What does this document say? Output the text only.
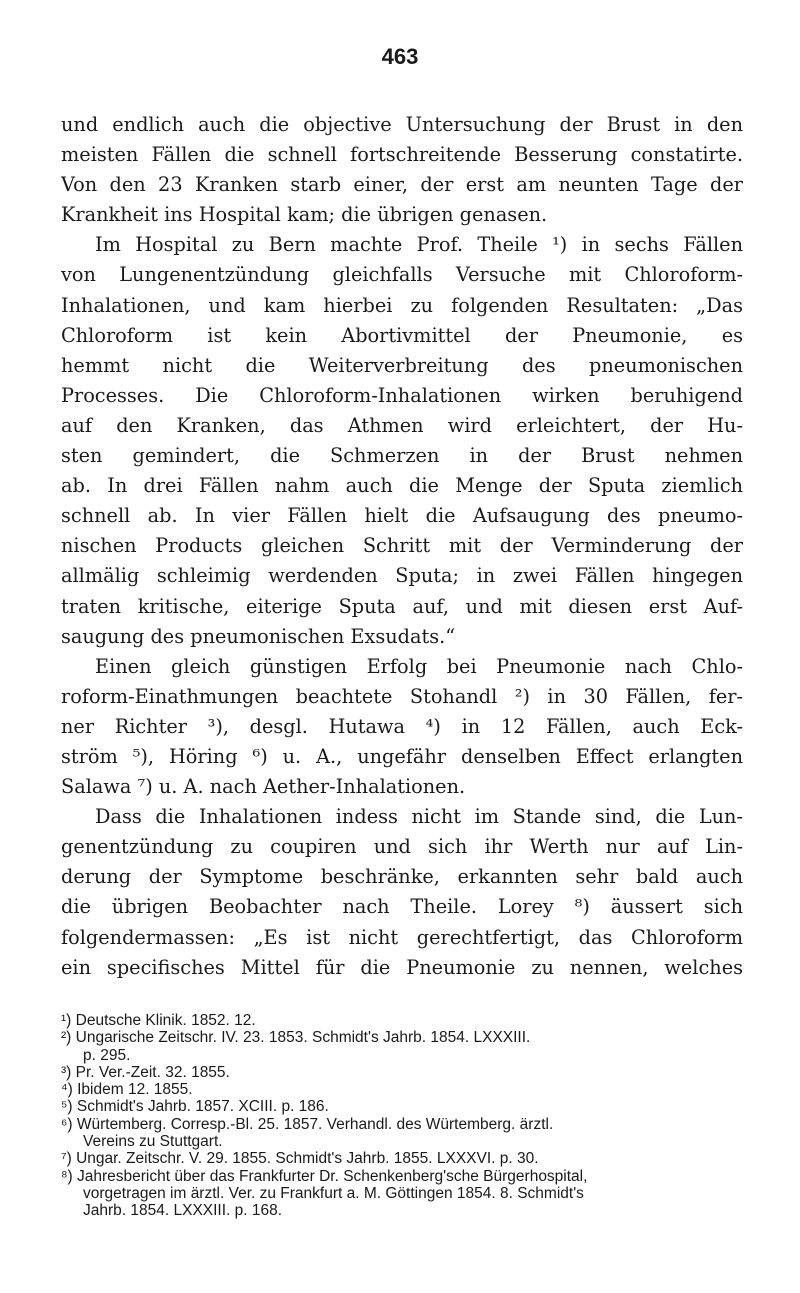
463
und endlich auch die objective Untersuchung der Brust in den
meisten Fällen die schnell fortschreitende Besserung constatirte.
Von den 23 Kranken starb einer, der erst am neunten Tage der
Krankheit ins Hospital kam; die übrigen genasen.
Im Hospital zu Bern machte Prof. Theile ¹) in sechs Fällen
von Lungenentzündung gleichfalls Versuche mit Chloroform-
Inhalationen, und kam hierbei zu folgenden Resultaten: „Das
Chloroform ist kein Abortivmittel der Pneumonie, es
hemmt nicht die Weiterverbreitung des pneumonischen
Processes. Die Chloroform-Inhalationen wirken beruhigend
auf den Kranken, das Athmen wird erleichtert, der Hu-
sten gemindert, die Schmerzen in der Brust nehmen
ab. In drei Fällen nahm auch die Menge der Sputa ziemlich
schnell ab. In vier Fällen hielt die Aufsaugung des pneumo-
nischen Products gleichen Schritt mit der Verminderung der
allmälig schleimig werdenden Sputa; in zwei Fällen hingegen
traten kritische, eiterige Sputa auf, und mit diesen erst Auf-
saugung des pneumonischen Exsudats.“
Einen gleich günstigen Erfolg bei Pneumonie nach Chlo-
roform-Einathmungen beachtete Stohandl ²) in 30 Fällen, fer-
ner Richter ³), desgl. Hutawa ⁴) in 12 Fällen, auch Eck-
ström ⁵), Höring ⁶) u. A., ungefähr denselben Effect erlangten
Salawa ⁷) u. A. nach Aether-Inhalationen.
Dass die Inhalationen indess nicht im Stande sind, die Lun-
genentzündung zu coupiren und sich ihr Werth nur auf Lin-
derung der Symptome beschränke, erkannten sehr bald auch
die übrigen Beobachter nach Theile. Lorey ⁸) äussert sich
folgendermassen: „Es ist nicht gerechtfertigt, das Chloroform
ein specifisches Mittel für die Pneumonie zu nennen, welches
¹) Deutsche Klinik. 1852. 12.
²) Ungarische Zeitschr. IV. 23. 1853. Schmidt's Jahrb. 1854. LXXXIII.
p. 295.
³) Pr. Ver.-Zeit. 32. 1855.
⁴) Ibidem 12. 1855.
⁵) Schmidt's Jahrb. 1857. XCIII. p. 186.
⁶) Würtemberg. Corresp.-Bl. 25. 1857. Verhandl. des Würtemberg. ärztl.
Vereins zu Stuttgart.
⁷) Ungar. Zeitschr. V. 29. 1855. Schmidt's Jahrb. 1855. LXXXVI. p. 30.
⁸) Jahresbericht über das Frankfurter Dr. Schenkenberg'sche Bürgerhospital,
vorgetragen im ärztl. Ver. zu Frankfurt a. M. Göttingen 1854. 8. Schmidt's
Jahrb. 1854. LXXXIII. p. 168.
